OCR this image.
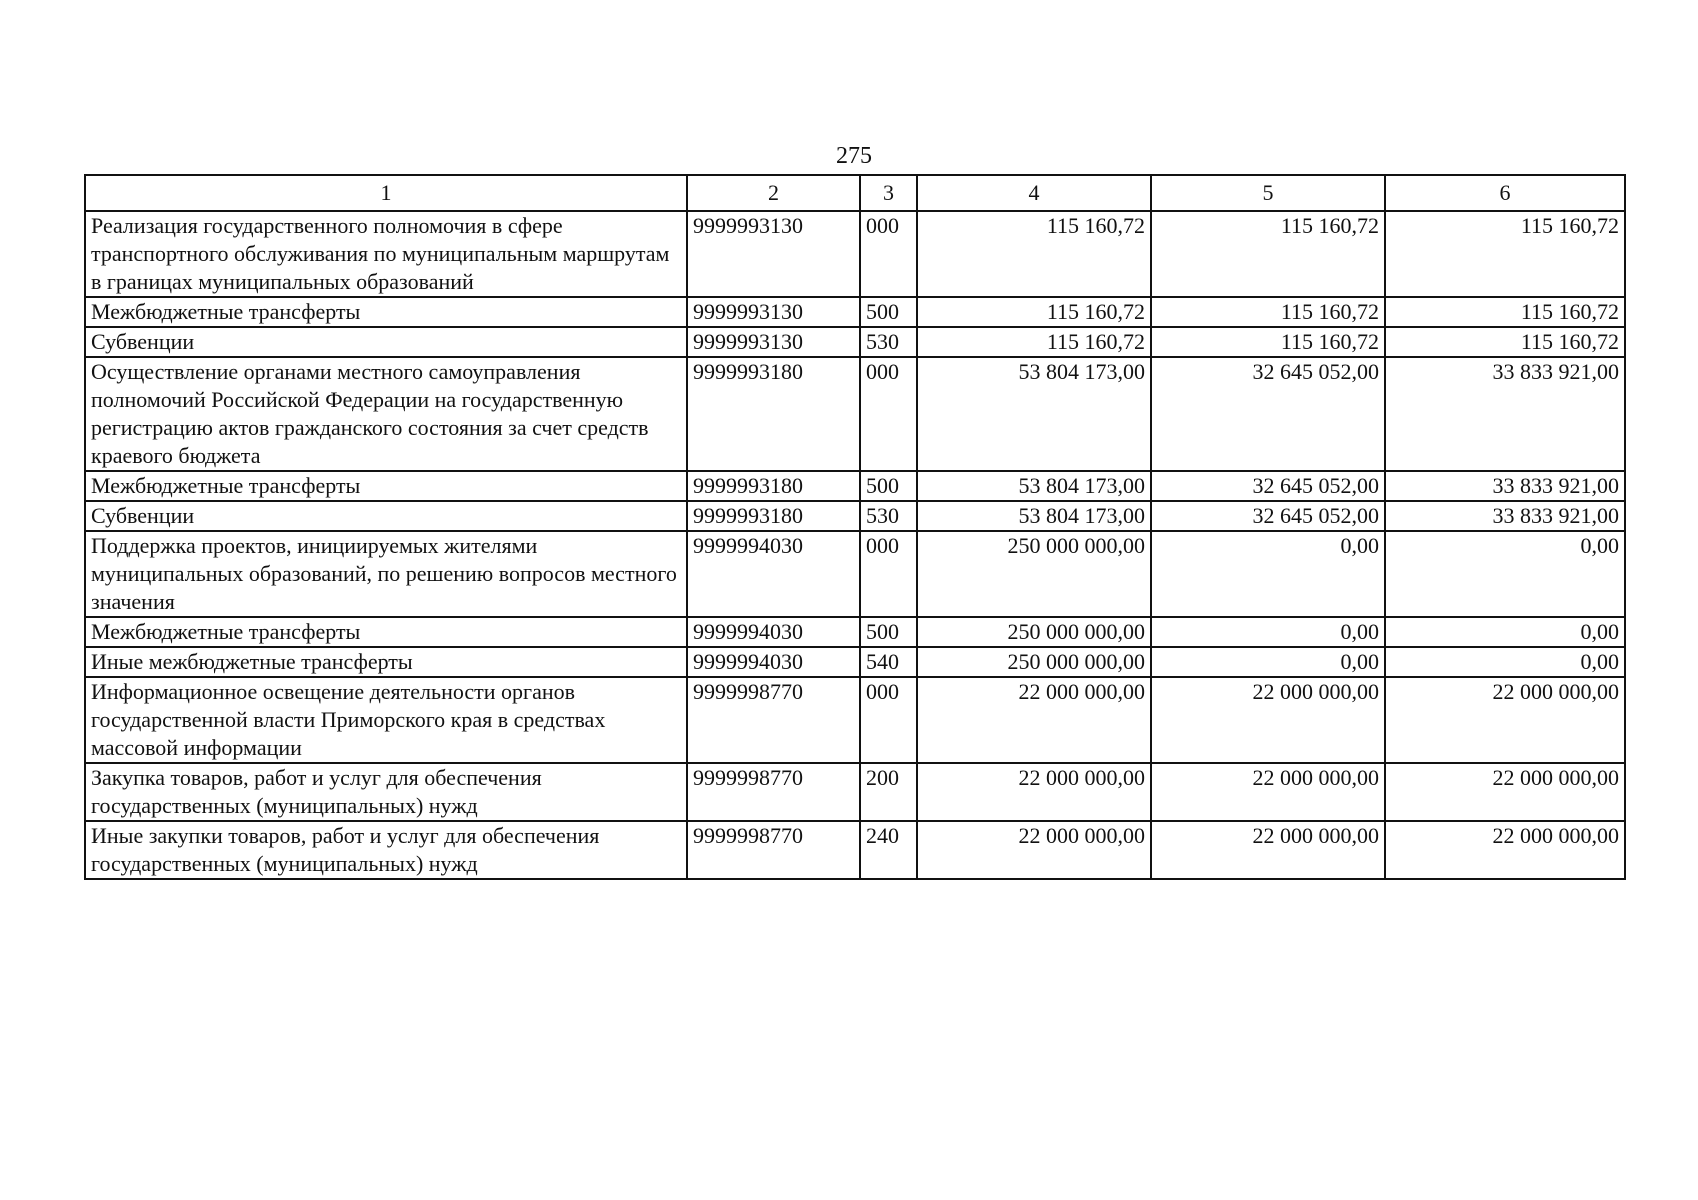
275
1	2	3	4	5	6
Реализация государственного полномочия в сфере транспортного обслуживания по муниципальным маршрутам в границах муниципальных образований	9999993130	000	115 160,72	115 160,72	115 160,72
Межбюджетные трансферты	9999993130	500	115 160,72	115 160,72	115 160,72
Субвенции	9999993130	530	115 160,72	115 160,72	115 160,72
Осуществление органами местного самоуправления полномочий Российской Федерации на государственную регистрацию актов гражданского состояния за счет средств краевого бюджета	9999993180	000	53 804 173,00	32 645 052,00	33 833 921,00
Межбюджетные трансферты	9999993180	500	53 804 173,00	32 645 052,00	33 833 921,00
Субвенции	9999993180	530	53 804 173,00	32 645 052,00	33 833 921,00
Поддержка проектов, инициируемых жителями муниципальных образований, по решению вопросов местного значения	9999994030	000	250 000 000,00	0,00	0,00
Межбюджетные трансферты	9999994030	500	250 000 000,00	0,00	0,00
Иные межбюджетные трансферты	9999994030	540	250 000 000,00	0,00	0,00
Информационное освещение деятельности органов государственной власти Приморского края в средствах массовой информации	9999998770	000	22 000 000,00	22 000 000,00	22 000 000,00
Закупка товаров, работ и услуг для обеспечения государственных (муниципальных) нужд	9999998770	200	22 000 000,00	22 000 000,00	22 000 000,00
Иные закупки товаров, работ и услуг для обеспечения государственных (муниципальных) нужд	9999998770	240	22 000 000,00	22 000 000,00	22 000 000,00
